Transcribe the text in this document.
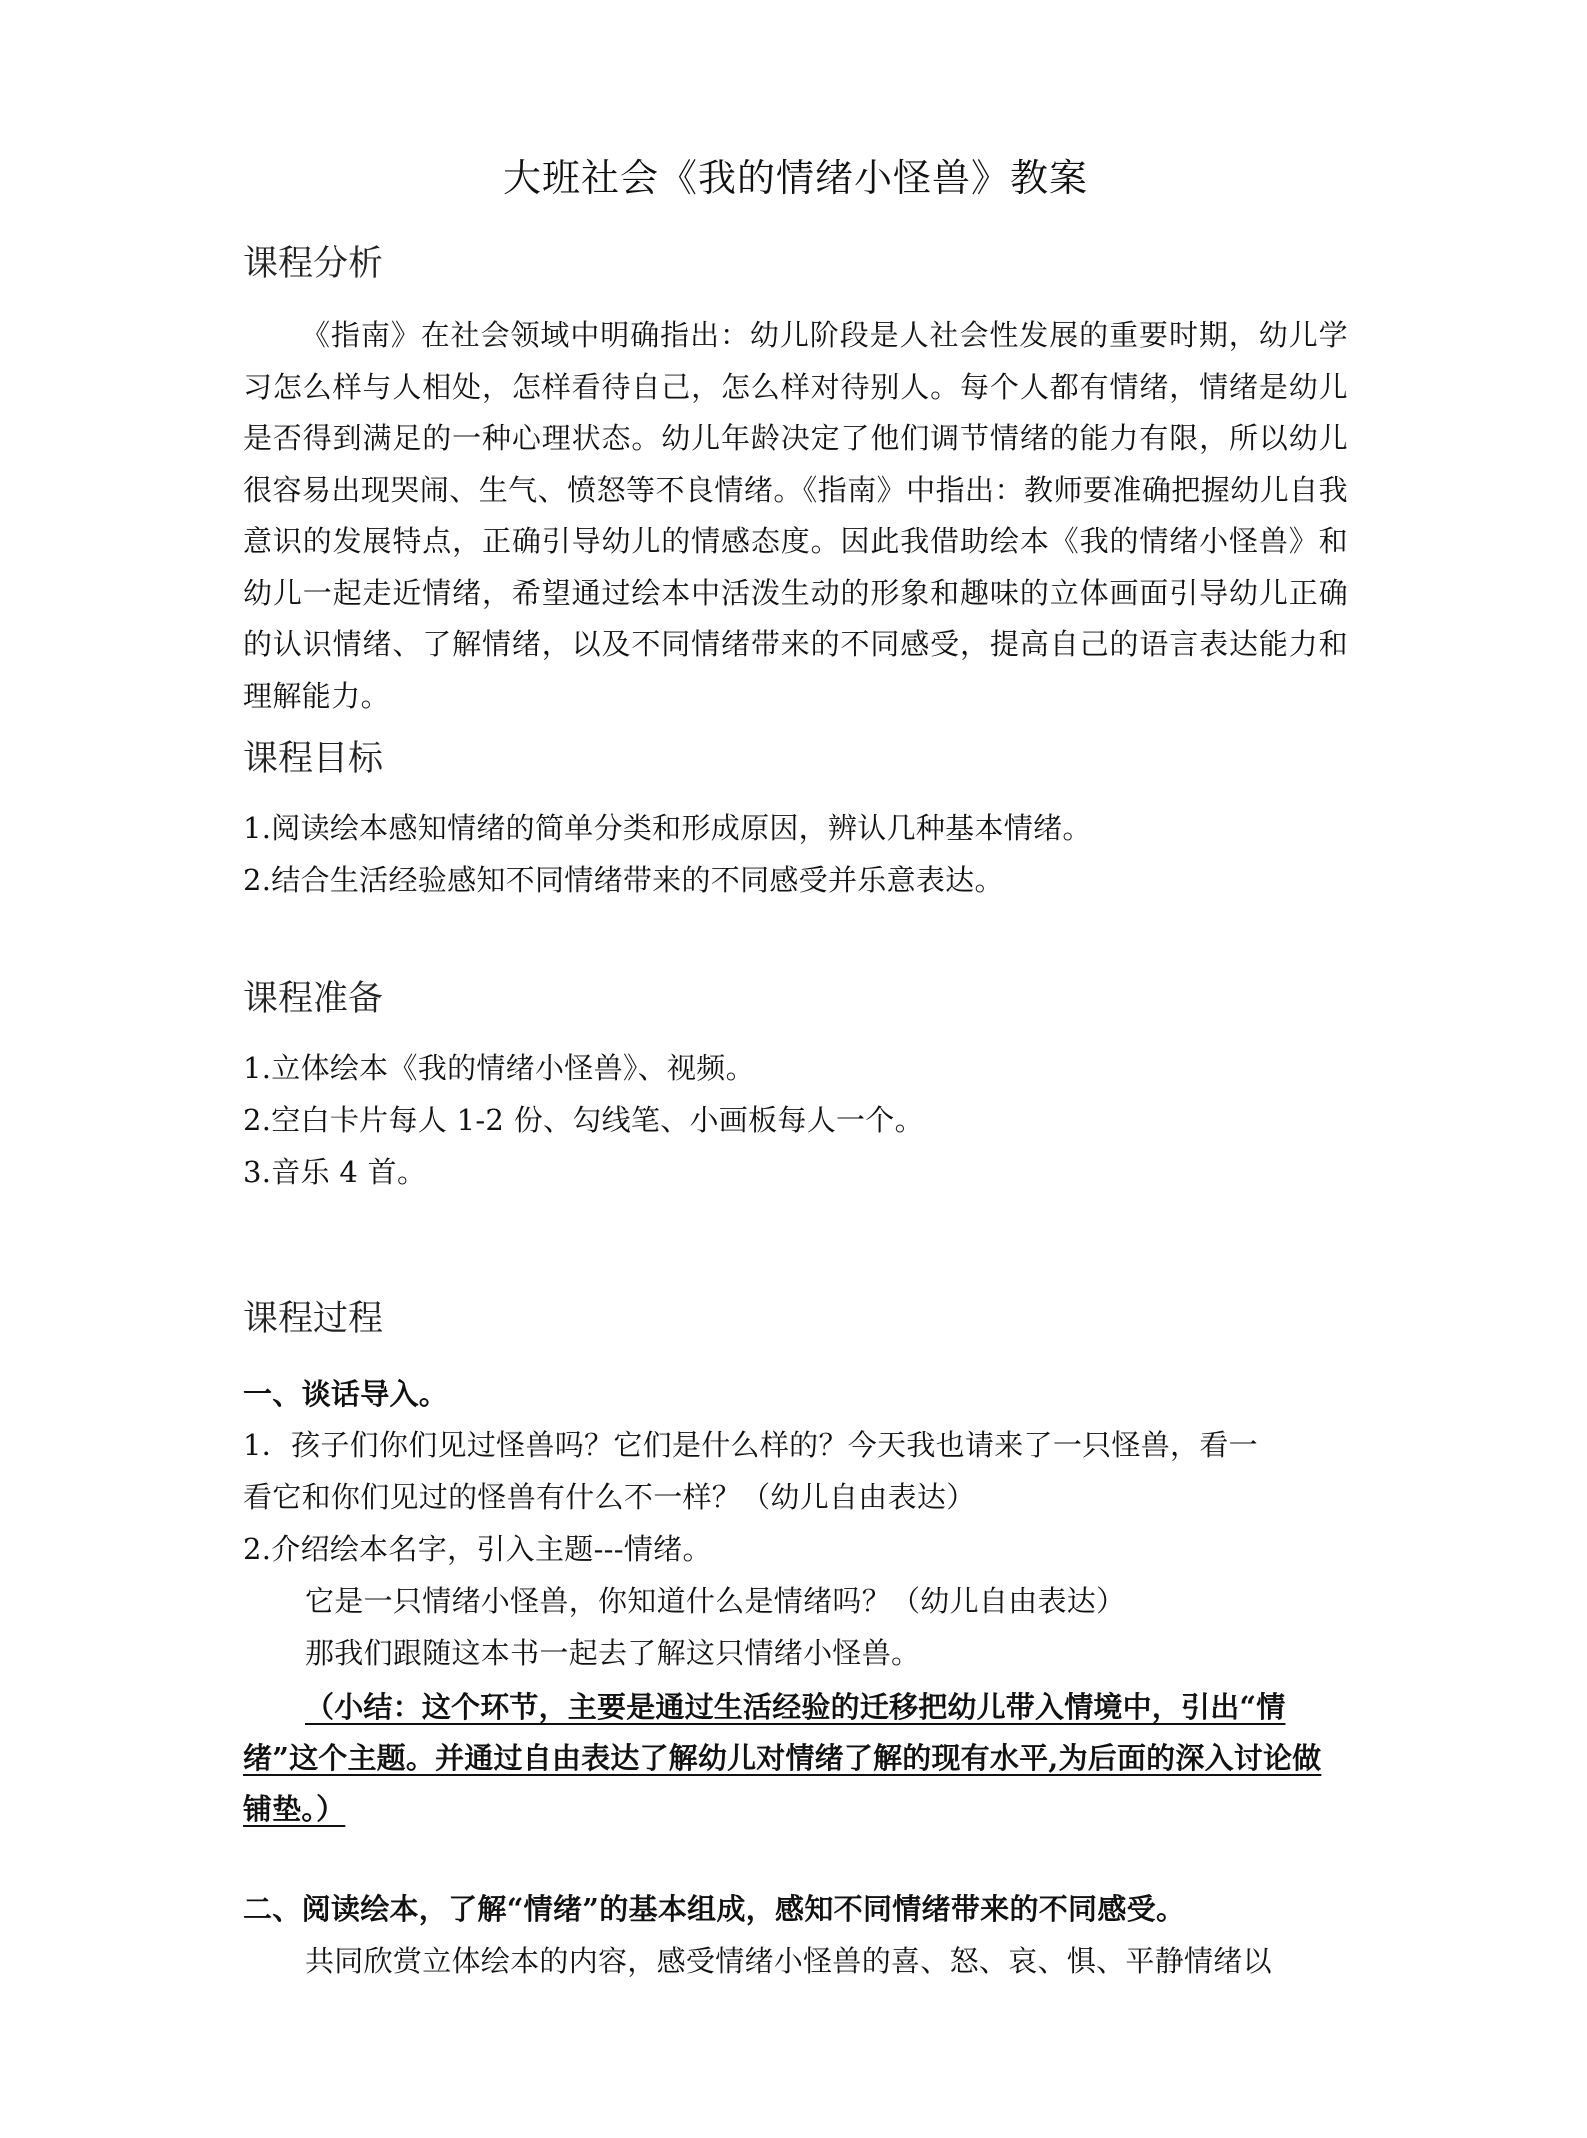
大班社会《我的情绪小怪兽》教案
课程分析
《指南》在社会领域中明确指出：幼儿阶段是人社会性发展的重要时期，幼儿学习怎么样与人相处，怎样看待自己，怎么样对待别人。每个人都有情绪，情绪是幼儿是否得到满足的一种心理状态。幼儿年龄决定了他们调节情绪的能力有限，所以幼儿很容易出现哭闹、生气、愤怒等不良情绪。《指南》中指出：教师要准确把握幼儿自我意识的发展特点，正确引导幼儿的情感态度。因此我借助绘本《我的情绪小怪兽》和幼儿一起走近情绪，希望通过绘本中活泼生动的形象和趣味的立体画面引导幼儿正确的认识情绪、了解情绪，以及不同情绪带来的不同感受，提高自己的语言表达能力和理解能力。
课程目标
1.阅读绘本感知情绪的简单分类和形成原因，辨认几种基本情绪。
2.结合生活经验感知不同情绪带来的不同感受并乐意表达。
课程准备
1.立体绘本《我的情绪小怪兽》、视频。
2.空白卡片每人 1-2 份、勾线笔、小画板每人一个。
3.音乐 4 首。
课程过程
一、谈话导入。
1．孩子们你们见过怪兽吗？它们是什么样的？今天我也请来了一只怪兽，看一
看它和你们见过的怪兽有什么不一样？（幼儿自由表达）
2.介绍绘本名字，引入主题---情绪。
它是一只情绪小怪兽，你知道什么是情绪吗？（幼儿自由表达）
那我们跟随这本书一起去了解这只情绪小怪兽。
（小结：这个环节，主要是通过生活经验的迁移把幼儿带入情境中，引出“情绪”这个主题。并通过自由表达了解幼儿对情绪了解的现有水平,为后面的深入讨论做铺垫。）
二、阅读绘本，了解“情绪”的基本组成，感知不同情绪带来的不同感受。
共同欣赏立体绘本的内容，感受情绪小怪兽的喜、怒、哀、惧、平静情绪以
